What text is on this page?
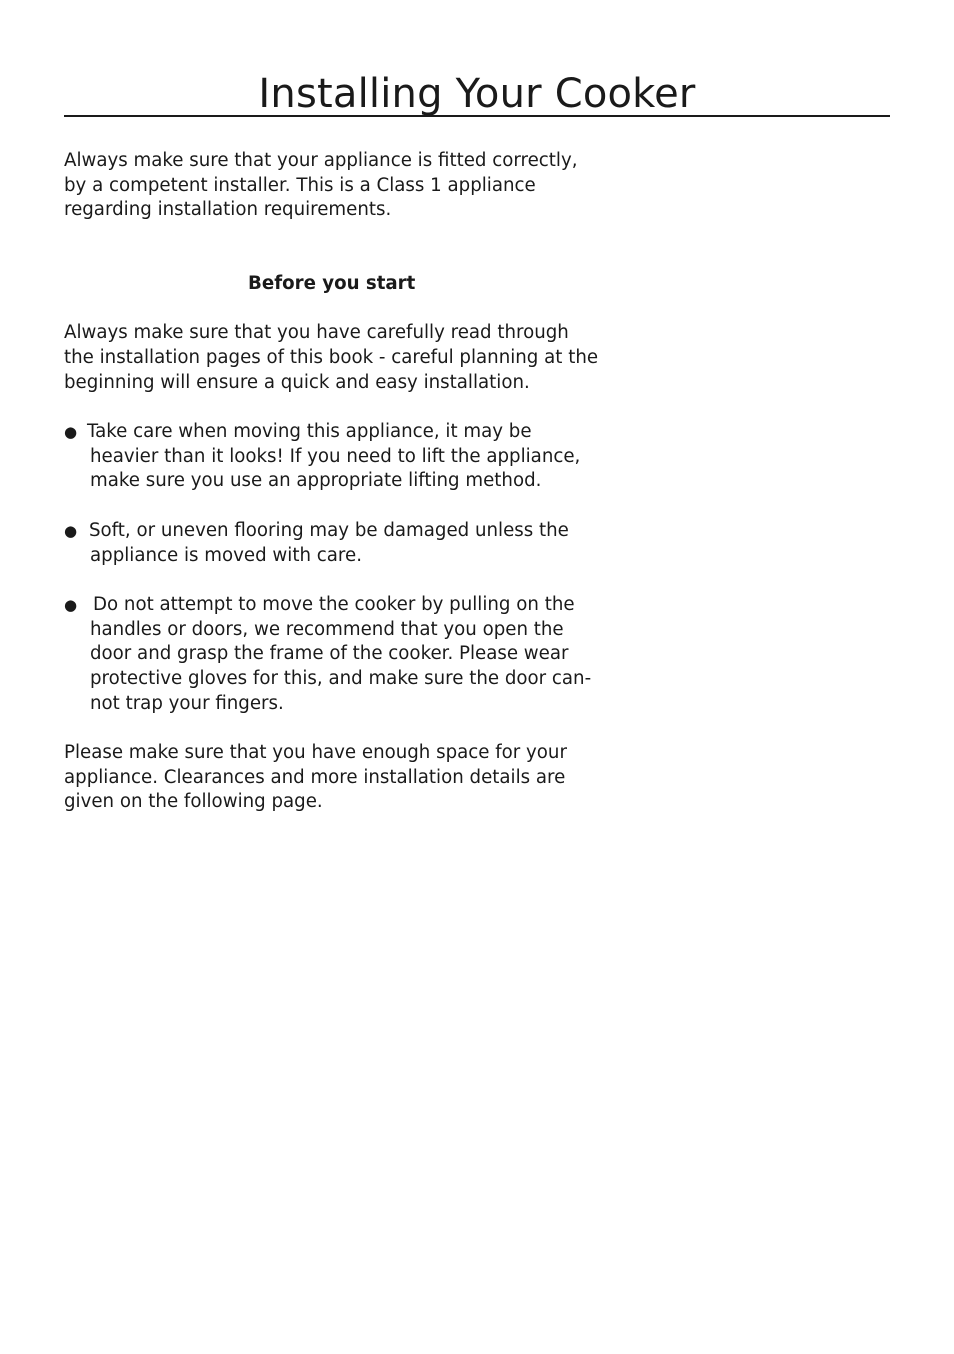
Installing Your Cooker

Always make sure that your appliance is fitted correctly,
by a competent installer. This is a Class 1 appliance
regarding installation requirements.

Before you start

Always make sure that you have carefully read through
the installation pages of this book - careful planning at the
beginning will ensure a quick and easy installation.

● Take care when moving this appliance, it may be
heavier than it looks! If you need to lift the appliance,
make sure you use an appropriate lifting method.
● Soft, or uneven flooring may be damaged unless the
appliance is moved with care.
● Do not attempt to move the cooker by pulling on the
handles or doors, we recommend that you open the
door and grasp the frame of the cooker. Please wear
protective gloves for this, and make sure the door can-
not trap your fingers.

Please make sure that you have enough space for your
appliance. Clearances and more installation details are
given on the following page.
